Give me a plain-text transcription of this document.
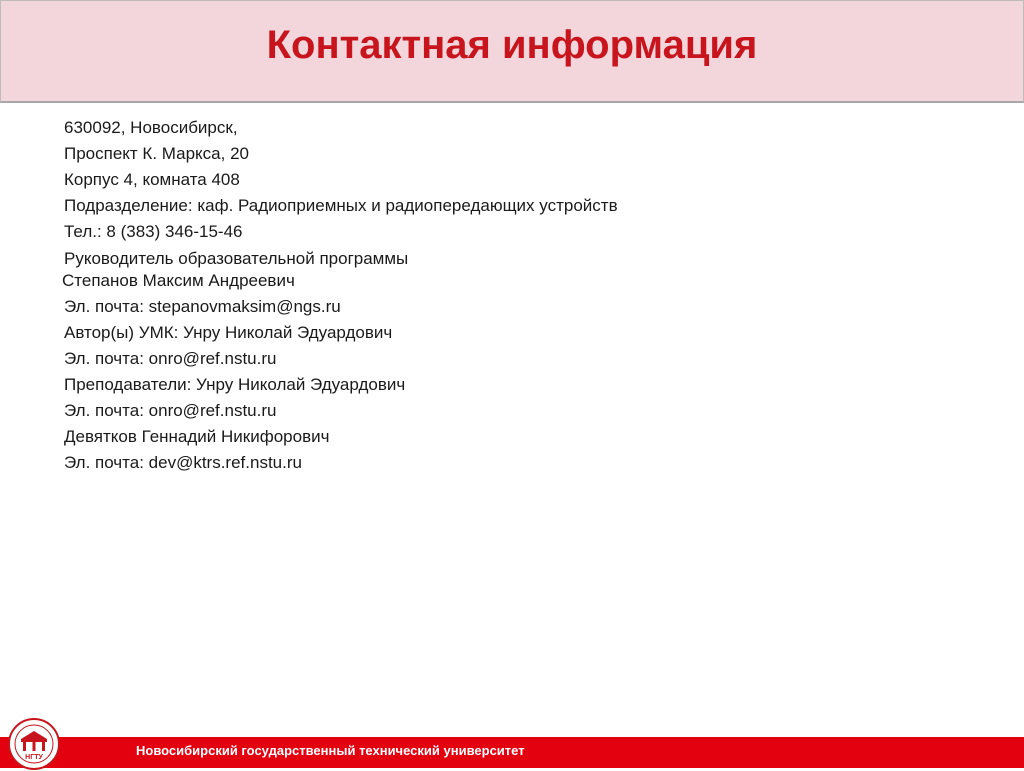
Контактная информация
630092, Новосибирск,
Проспект К. Маркса, 20
Корпус 4, комната 408
Подразделение: каф. Радиоприемных и радиопередающих устройств
Тел.: 8 (383) 346-15-46
Руководитель образовательной программы
Степанов Максим Андреевич
Эл. почта: stepanovmaksim@ngs.ru
Автор(ы) УМК: Унру Николай Эдуардович
Эл. почта: onro@ref.nstu.ru
Преподаватели: Унру Николай Эдуардович
Эл. почта: onro@ref.nstu.ru
Девятков Геннадий Никифорович
Эл. почта: dev@ktrs.ref.nstu.ru
Новосибирский государственный технический университет
НГТУ
